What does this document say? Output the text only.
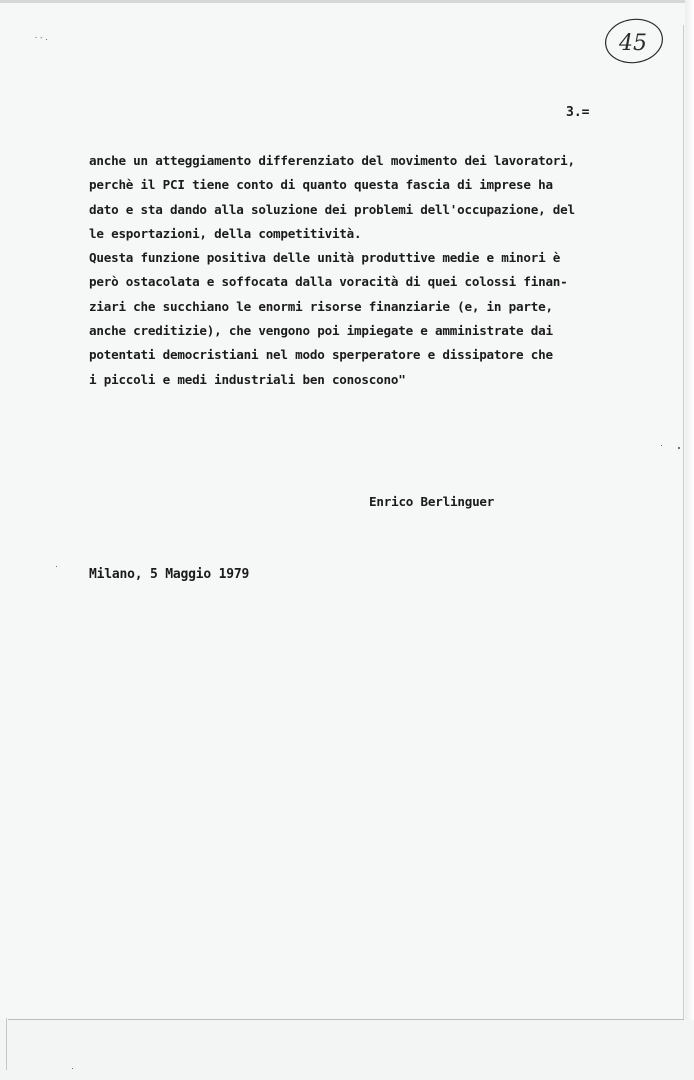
·-.	45
3.=
anche un atteggiamento differenziato del movimento dei lavoratori,
perchè il PCI tiene conto di quanto questa fascia di imprese ha
dato e sta dando alla soluzione dei problemi dell'occupazione, del
le esportazioni, della competitività.
Questa funzione positiva delle unità produttive medie e minori è
però ostacolata e soffocata dalla voracità di quei colossi finan-
ziari che succhiano le enormi risorse finanziarie (e, in parte,
anche creditizie), che vengono poi impiegate e amministrate dai
potentati democristiani nel modo sperperatore e dissipatore che
i piccoli e medi industriali ben conoscono"
Enrico Berlinguer
Milano, 5 Maggio 1979
